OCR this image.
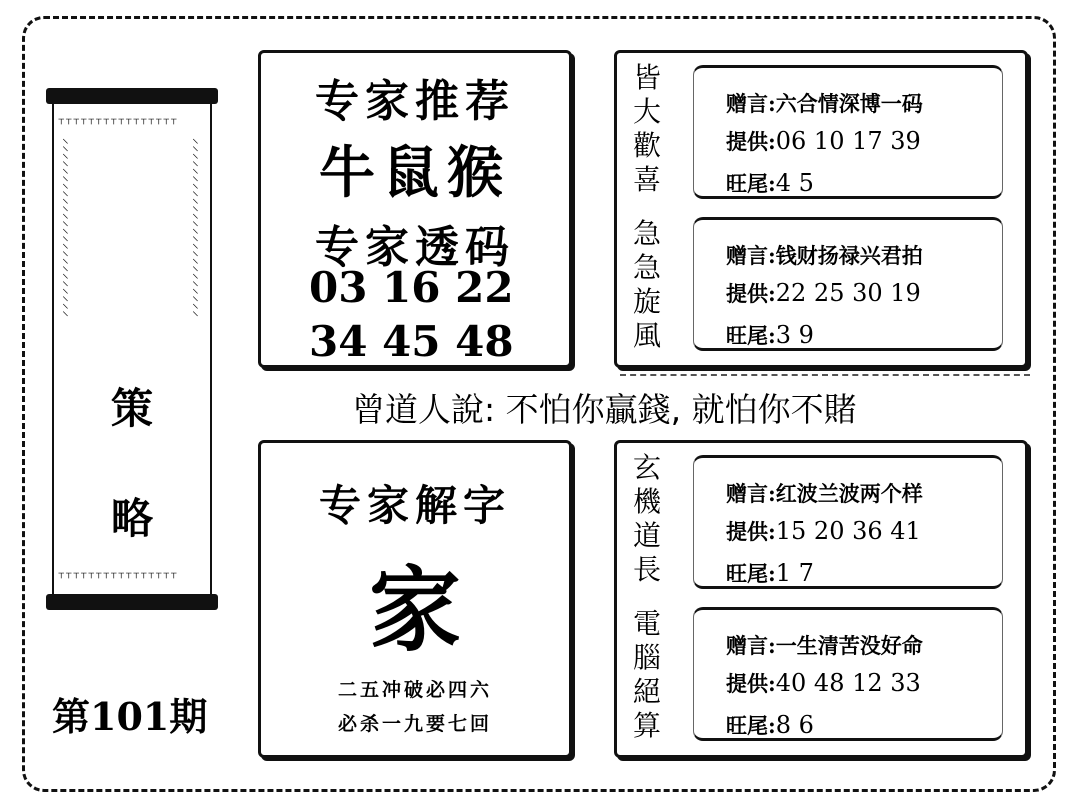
⸆⸆⸆⸆⸆⸆⸆⸆⸆⸆⸆⸆⸆⸆⸆⸆
⸝⸝⸝⸝⸝⸝⸝⸝⸝⸝⸝⸝⸝⸝⸝⸝⸝⸝⸝⸝⸝⸝⸝⸝	⸝⸝⸝⸝⸝⸝⸝⸝⸝⸝⸝⸝⸝⸝⸝⸝⸝⸝⸝⸝⸝⸝⸝⸝
⸆⸆⸆⸆⸆⸆⸆⸆⸆⸆⸆⸆⸆⸆⸆⸆
策
略
第101期
专家推荐
牛鼠猴
专家透码
03 16 22
34 45 48
专家解字
家
二五冲破必四六
必杀一九要七回
曾道人說: 不怕你贏錢, 就怕你不賭
皆
大
歡
喜
急
急
旋
風
赠言:六合情深博一码
提供:06 10 17 39
旺尾:4 5
赠言:钱财扬禄兴君拍
提供:22 25 30 19
旺尾:3 9
玄
機
道
長
電
腦
絕
算
赠言:红波兰波两个样
提供:15 20 36 41
旺尾:1 7
赠言:一生清苦没好命
提供:40 48 12 33
旺尾:8 6
